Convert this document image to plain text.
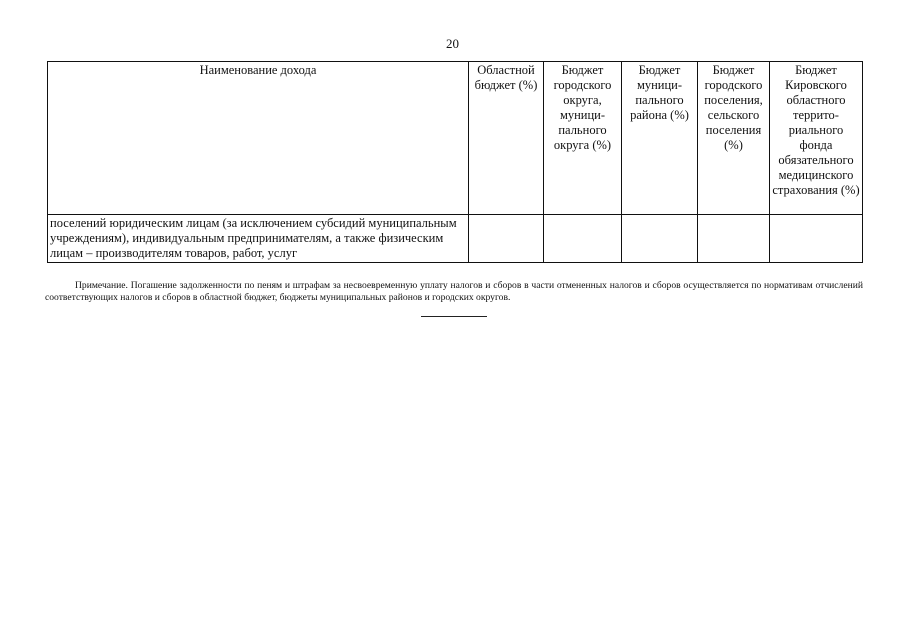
20
Наименование дохода	Областной бюджет (%)	Бюджет городского округа, муници-пального округа (%)	Бюджет муници-пального района (%)	Бюджет городского поселения, сельского поселения (%)	Бюджет Кировского областного террито-риального фонда обязательного медицинского страхования (%)
поселений юридическим лицам (за исключением субсидий муниципальным учреждениям), индивидуальным предпринимателям, а также физическим лицам – производителям товаров, работ, услуг					

Примечание. Погашение задолженности по пеням и штрафам за несвоевременную уплату налогов и сборов в части отмененных налогов и сборов осуществляется по нормативам отчислений соответствующих налогов и сборов в областной бюджет, бюджеты муниципальных районов и городских округов.
